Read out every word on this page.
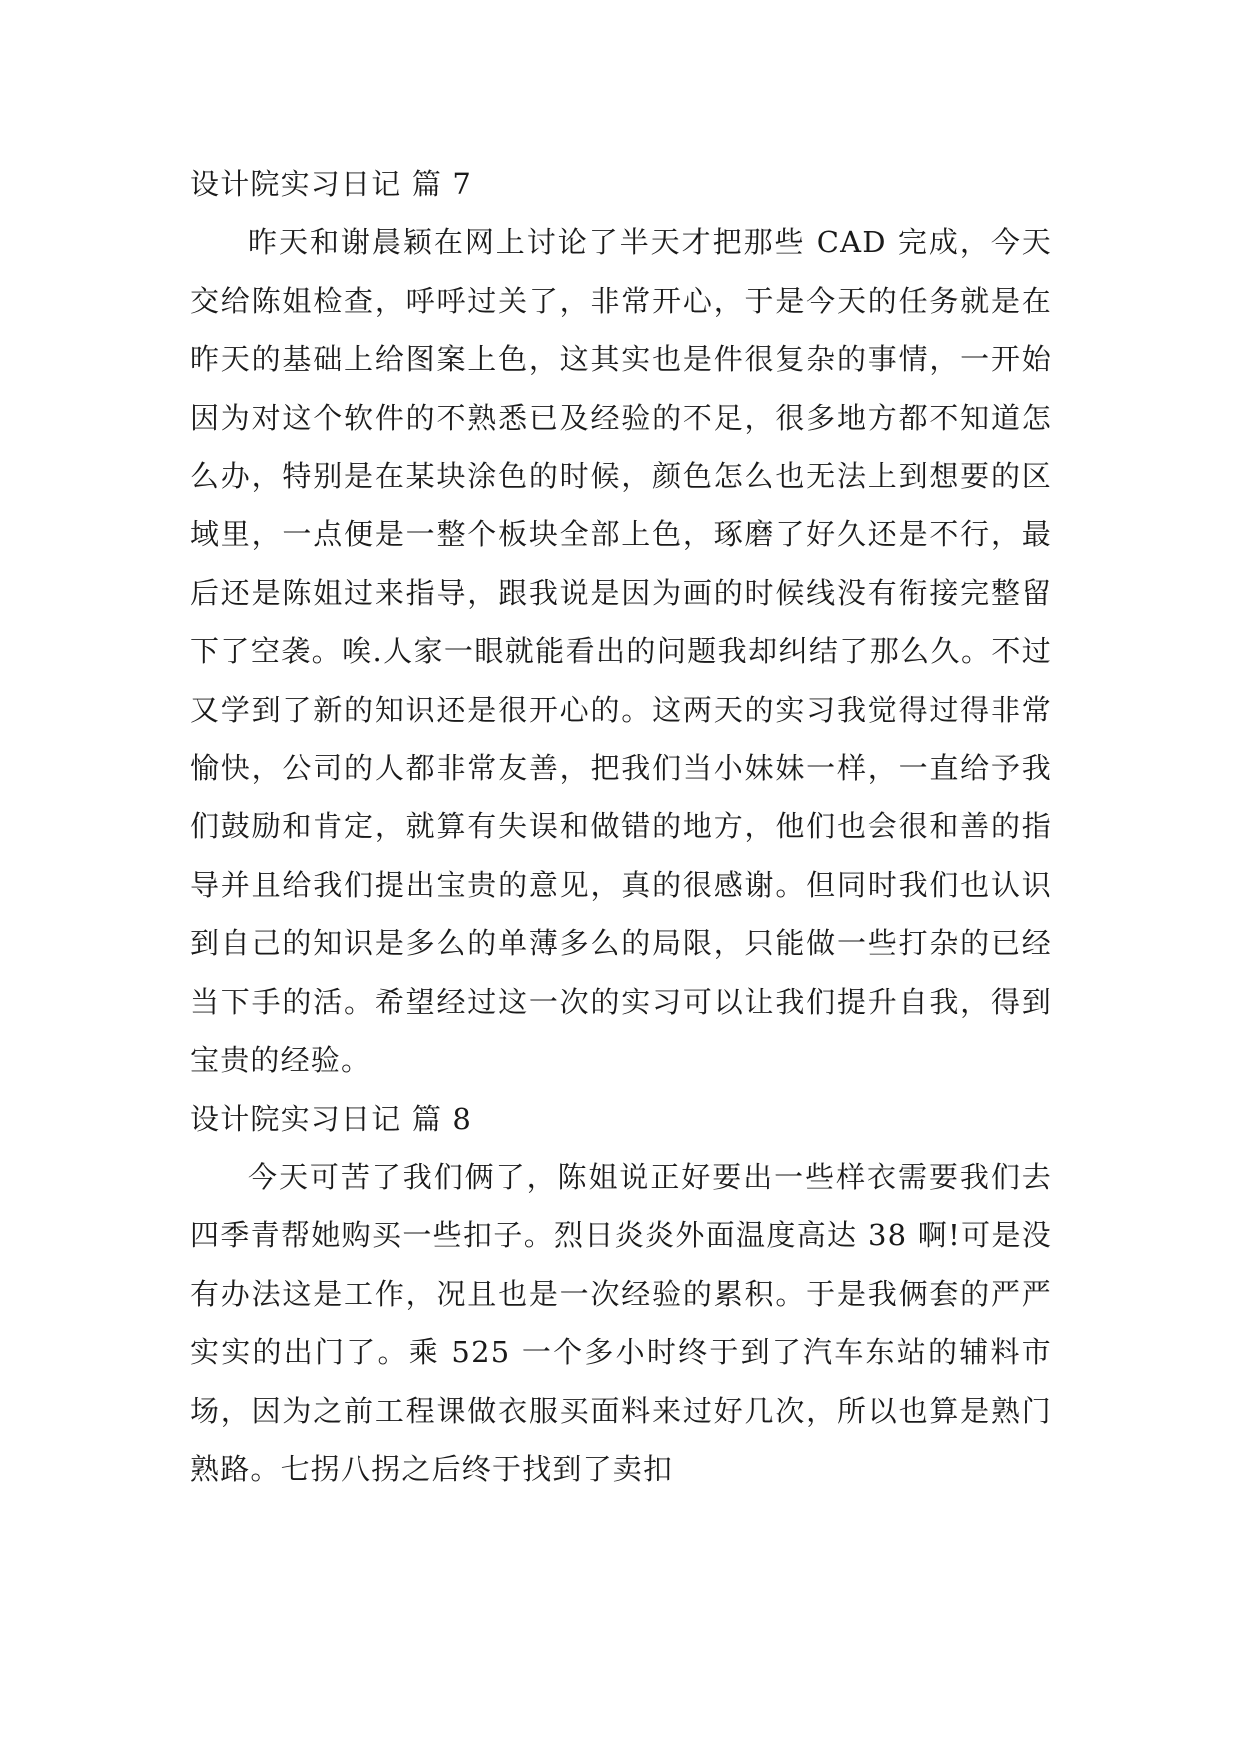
设计院实习日记 篇 7

昨天和谢晨颖在网上讨论了半天才把那些 CAD 完成，今天交给陈姐检查，呼呼过关了，非常开心，于是今天的任务就是在昨天的基础上给图案上色，这其实也是件很复杂的事情，一开始因为对这个软件的不熟悉已及经验的不足，很多地方都不知道怎么办，特别是在某块涂色的时候，颜色怎么也无法上到想要的区域里，一点便是一整个板块全部上色，琢磨了好久还是不行，最后还是陈姐过来指导，跟我说是因为画的时候线没有衔接完整留下了空袭。唉.人家一眼就能看出的问题我却纠结了那么久。不过又学到了新的知识还是很开心的。这两天的实习我觉得过得非常愉快，公司的人都非常友善，把我们当小妹妹一样，一直给予我们鼓励和肯定，就算有失误和做错的地方，他们也会很和善的指导并且给我们提出宝贵的意见，真的很感谢。但同时我们也认识到自己的知识是多么的单薄多么的局限，只能做一些打杂的已经当下手的活。希望经过这一次的实习可以让我们提升自我，得到宝贵的经验。

设计院实习日记 篇 8

今天可苦了我们俩了，陈姐说正好要出一些样衣需要我们去四季青帮她购买一些扣子。烈日炎炎外面温度高达 38 啊!可是没有办法这是工作，况且也是一次经验的累积。于是我俩套的严严实实的出门了。乘 525 一个多小时终于到了汽车东站的辅料市场，因为之前工程课做衣服买面料来过好几次，所以也算是熟门熟路。七拐八拐之后终于找到了卖扣
